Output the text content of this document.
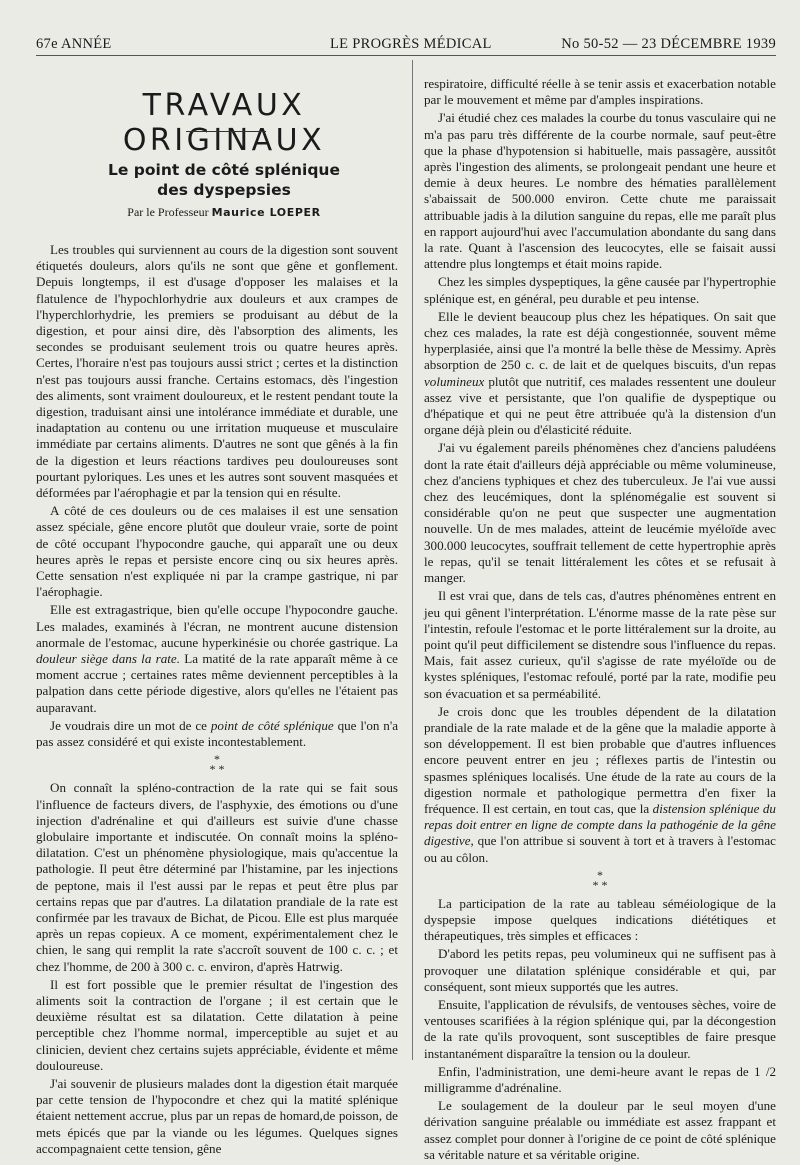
67e ANNÉE	LE PROGRÈS MÉDICAL	No 50-52 — 23 DÉCEMBRE 1939
TRAVAUX ORIGINAUX
Le point de côté splénique
des dyspepsies
Par le Professeur Maurice LOEPER

Les troubles qui surviennent au cours de la digestion sont souvent étiquetés douleurs, alors qu'ils ne sont que gêne et gonflement. Depuis longtemps, il est d'usage d'opposer les malaises et la flatulence de l'hypochlorhydrie aux douleurs et aux crampes de l'hyperchlorhydrie, les premiers se produisant au début de la digestion, et pour ainsi dire, dès l'absorption des aliments, les secondes se produisant seulement trois ou quatre heures après. Certes, l'horaire n'est pas toujours aussi strict ; certes et la distinction n'est pas toujours aussi franche. Certains estomacs, dès l'ingestion des aliments, sont vraiment douloureux, et le restent pendant toute la digestion, traduisant ainsi une intolérance immédiate et durable, une inadaptation au contenu ou une irritation muqueuse et musculaire immédiate par certains aliments. D'autres ne sont que gênés à la fin de la digestion et leurs réactions tardives peu douloureuses sont pourtant pyloriques. Les unes et les autres sont souvent masquées et déformées par l'aérophagie et par la tension qui en résulte.

A côté de ces douleurs ou de ces malaises il est une sensation assez spéciale, gêne encore plutôt que douleur vraie, sorte de point de côté occupant l'hypocondre gauche, qui apparaît une ou deux heures après le repas et persiste encore cinq ou six heures après. Cette sensation n'est expliquée ni par la crampe gastrique, ni par l'aérophagie.

Elle est extragastrique, bien qu'elle occupe l'hypocondre gauche. Les malades, examinés à l'écran, ne montrent aucune distension anormale de l'estomac, aucune hyperkinésie ou chorée gastrique. La douleur siège dans la rate. La matité de la rate apparaît même à ce moment accrue ; certaines rates même deviennent perceptibles à la palpation dans cette période digestive, alors qu'elles ne l'étaient pas auparavant.

Je voudrais dire un mot de ce point de côté splénique que l'on n'a pas assez considéré et qui existe incontestablement.

*
* *

On connaît la spléno-contraction de la rate qui se fait sous l'influence de facteurs divers, de l'asphyxie, des émotions ou d'une injection d'adrénaline et qui d'ailleurs est suivie d'une chasse globulaire importante et indiscutée. On connaît moins la spléno-dilatation. C'est un phénomène physiologique, mais qu'accentue la pathologie. Il peut être déterminé par l'histamine, par les injections de peptone, mais il l'est aussi par le repas et peut être plus par certains repas que par d'autres. La dilatation prandiale de la rate est confirmée par les travaux de Bichat, de Picou. Elle est plus marquée après un repas copieux. A ce moment, expérimentalement chez le chien, le sang qui remplit la rate s'accroît souvent de 100 c. c. ; et chez l'homme, de 200 à 300 c. c. environ, d'après Hatrwig.

Il est fort possible que le premier résultat de l'ingestion des aliments soit la contraction de l'organe ; il est certain que le deuxième résultat est sa dilatation. Cette dilatation à peine perceptible chez l'homme normal, imperceptible au sujet et au clinicien, devient chez certains sujets appréciable, évidente et même douloureuse.

J'ai souvenir de plusieurs malades dont la digestion était marquée par cette tension de l'hypocondre et chez qui la matité splénique étaient nettement accrue, plus par un repas de homard,de poisson, de mets épicés que par la viande ou les légumes. Quelques signes accompagnaient cette tension, gêne

respiratoire, difficulté réelle à se tenir assis et exacerbation notable par le mouvement et même par d'amples inspirations.

J'ai étudié chez ces malades la courbe du tonus vasculaire qui ne m'a pas paru très différente de la courbe normale, sauf peut-être que la phase d'hypotension si habituelle, mais passagère, aussitôt après l'ingestion des aliments, se prolongeait pendant une heure et demie à deux heures. Le nombre des hématies parallèlement s'abaissait de 500.000 environ. Cette chute me paraissait attribuable jadis à la dilution sanguine du repas, elle me paraît plus en rapport aujourd'hui avec l'accumulation abondante du sang dans la rate. Quant à l'ascension des leucocytes, elle se faisait aussi attendre plus longtemps et était moins rapide.

Chez les simples dyspeptiques, la gêne causée par l'hypertrophie splénique est, en général, peu durable et peu intense.

Elle le devient beaucoup plus chez les hépatiques. On sait que chez ces malades, la rate est déjà congestionnée, souvent même hyperplasiée, ainsi que l'a montré la belle thèse de Messimy. Après absorption de 250 c. c. de lait et de quelques biscuits, d'un repas volumineux plutôt que nutritif, ces malades ressentent une douleur assez vive et persistante, que l'on qualifie de dyspeptique ou d'hépatique et qui ne peut être attribuée qu'à la distension d'un organe déjà plein ou d'élasticité réduite.

J'ai vu également pareils phénomènes chez d'anciens paludéens dont la rate était d'ailleurs déjà appréciable ou même volumineuse, chez d'anciens typhiques et chez des tuberculeux. Je l'ai vue aussi chez des leucémiques, dont la splénomégalie est souvent si considérable qu'on ne peut que suspecter une augmentation nouvelle. Un de mes malades, atteint de leucémie myéloïde avec 300.000 leucocytes, souffrait tellement de cette hypertrophie après le repas, qu'il se tenait littéralement les côtes et se refusait à manger.

Il est vrai que, dans de tels cas, d'autres phénomènes entrent en jeu qui gênent l'interprétation. L'énorme masse de la rate pèse sur l'intestin, refoule l'estomac et le porte littéralement sur la droite, au point qu'il peut difficilement se distendre sous l'influence du repas. Mais, fait assez curieux, qu'il s'agisse de rate myéloïde ou de kystes spléniques, l'estomac refoulé, porté par la rate, modifie peu son évacuation et sa perméabilité.

Je crois donc que les troubles dépendent de la dilatation prandiale de la rate malade et de la gêne que la maladie apporte à son développement. Il est bien probable que d'autres influences encore peuvent entrer en jeu ; réflexes partis de l'intestin ou spasmes spléniques localisés. Une étude de la rate au cours de la digestion normale et pathologique permettra d'en fixer la fréquence. Il est certain, en tout cas, que la distension splénique du repas doit entrer en ligne de compte dans la pathogénie de la gêne digestive, que l'on attribue si souvent à tort et à travers à l'estomac ou au côlon.

*
* *

La participation de la rate au tableau séméiologique de la dyspepsie impose quelques indications diététiques et thérapeutiques, très simples et efficaces :

D'abord les petits repas, peu volumineux qui ne suffisent pas à provoquer une dilatation splénique considérable et qui, par conséquent, sont mieux supportés que les autres.

Ensuite, l'application de révulsifs, de ventouses sèches, voire de ventouses scarifiées à la région splénique qui, par la décongestion de la rate qu'ils provoquent, sont susceptibles de faire presque instantanément disparaître la tension ou la douleur.

Enfin, l'administration, une demi-heure avant le repas de 1 /2 milligramme d'adrénaline.

Le soulagement de la douleur par le seul moyen d'une dérivation sanguine préalable ou immédiate est assez frappant et assez complet pour donner à l'origine de ce point de côté splénique sa véritable nature et sa véritable origine.
